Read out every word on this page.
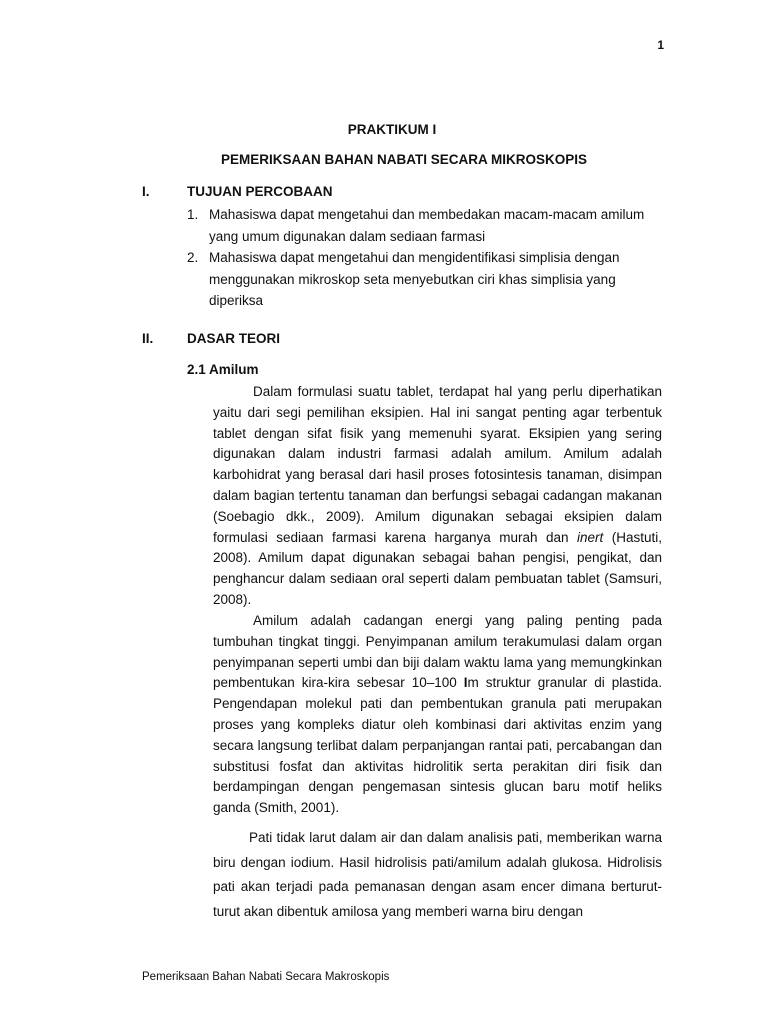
1
PRAKTIKUM I
PEMERIKSAAN BAHAN NABATI SECARA MIKROSKOPIS
I.	TUJUAN PERCOBAAN
1. Mahasiswa dapat mengetahui dan membedakan macam-macam amilum
yang umum digunakan dalam sediaan farmasi
2. Mahasiswa dapat mengetahui dan mengidentifikasi simplisia dengan
menggunakan mikroskop seta menyebutkan ciri khas simplisia yang
diperiksa
II. DASAR TEORI
2.1 Amilum

Dalam formulasi suatu tablet, terdapat hal yang perlu diperhatikan yaitu dari segi pemilihan eksipien. Hal ini sangat penting agar terbentuk tablet dengan sifat fisik yang memenuhi syarat. Eksipien yang sering digunakan dalam industri farmasi adalah amilum. Amilum adalah karbohidrat yang berasal dari hasil proses fotosintesis tanaman, disimpan dalam bagian tertentu tanaman dan berfungsi sebagai cadangan makanan (Soebagio dkk., 2009). Amilum digunakan sebagai eksipien dalam formulasi sediaan farmasi karena harganya murah dan inert (Hastuti, 2008). Amilum dapat digunakan sebagai bahan pengisi, pengikat, dan penghancur dalam sediaan oral seperti dalam pembuatan tablet (Samsuri, 2008).

Amilum adalah cadangan energi yang paling penting pada tumbuhan tingkat tinggi. Penyimpanan amilum terakumulasi dalam organ penyimpanan seperti umbi dan biji dalam waktu lama yang memungkinkan pembentukan kira-kira sebesar 10–100 Im struktur granular di plastida. Pengendapan molekul pati dan pembentukan granula pati merupakan proses yang kompleks diatur oleh kombinasi dari aktivitas enzim yang secara langsung terlibat dalam perpanjangan rantai pati, percabangan dan substitusi fosfat dan aktivitas hidrolitik serta perakitan diri fisik dan berdampingan dengan pengemasan sintesis glucan baru motif heliks ganda (Smith, 2001).

Pati tidak larut dalam air dan dalam analisis pati, memberikan warna biru dengan iodium. Hasil hidrolisis pati/amilum adalah glukosa. Hidrolisis pati akan terjadi pada pemanasan dengan asam encer dimana berturut-turut akan dibentuk amilosa yang memberi warna biru dengan

Pemeriksaan Bahan Nabati Secara Makroskopis
